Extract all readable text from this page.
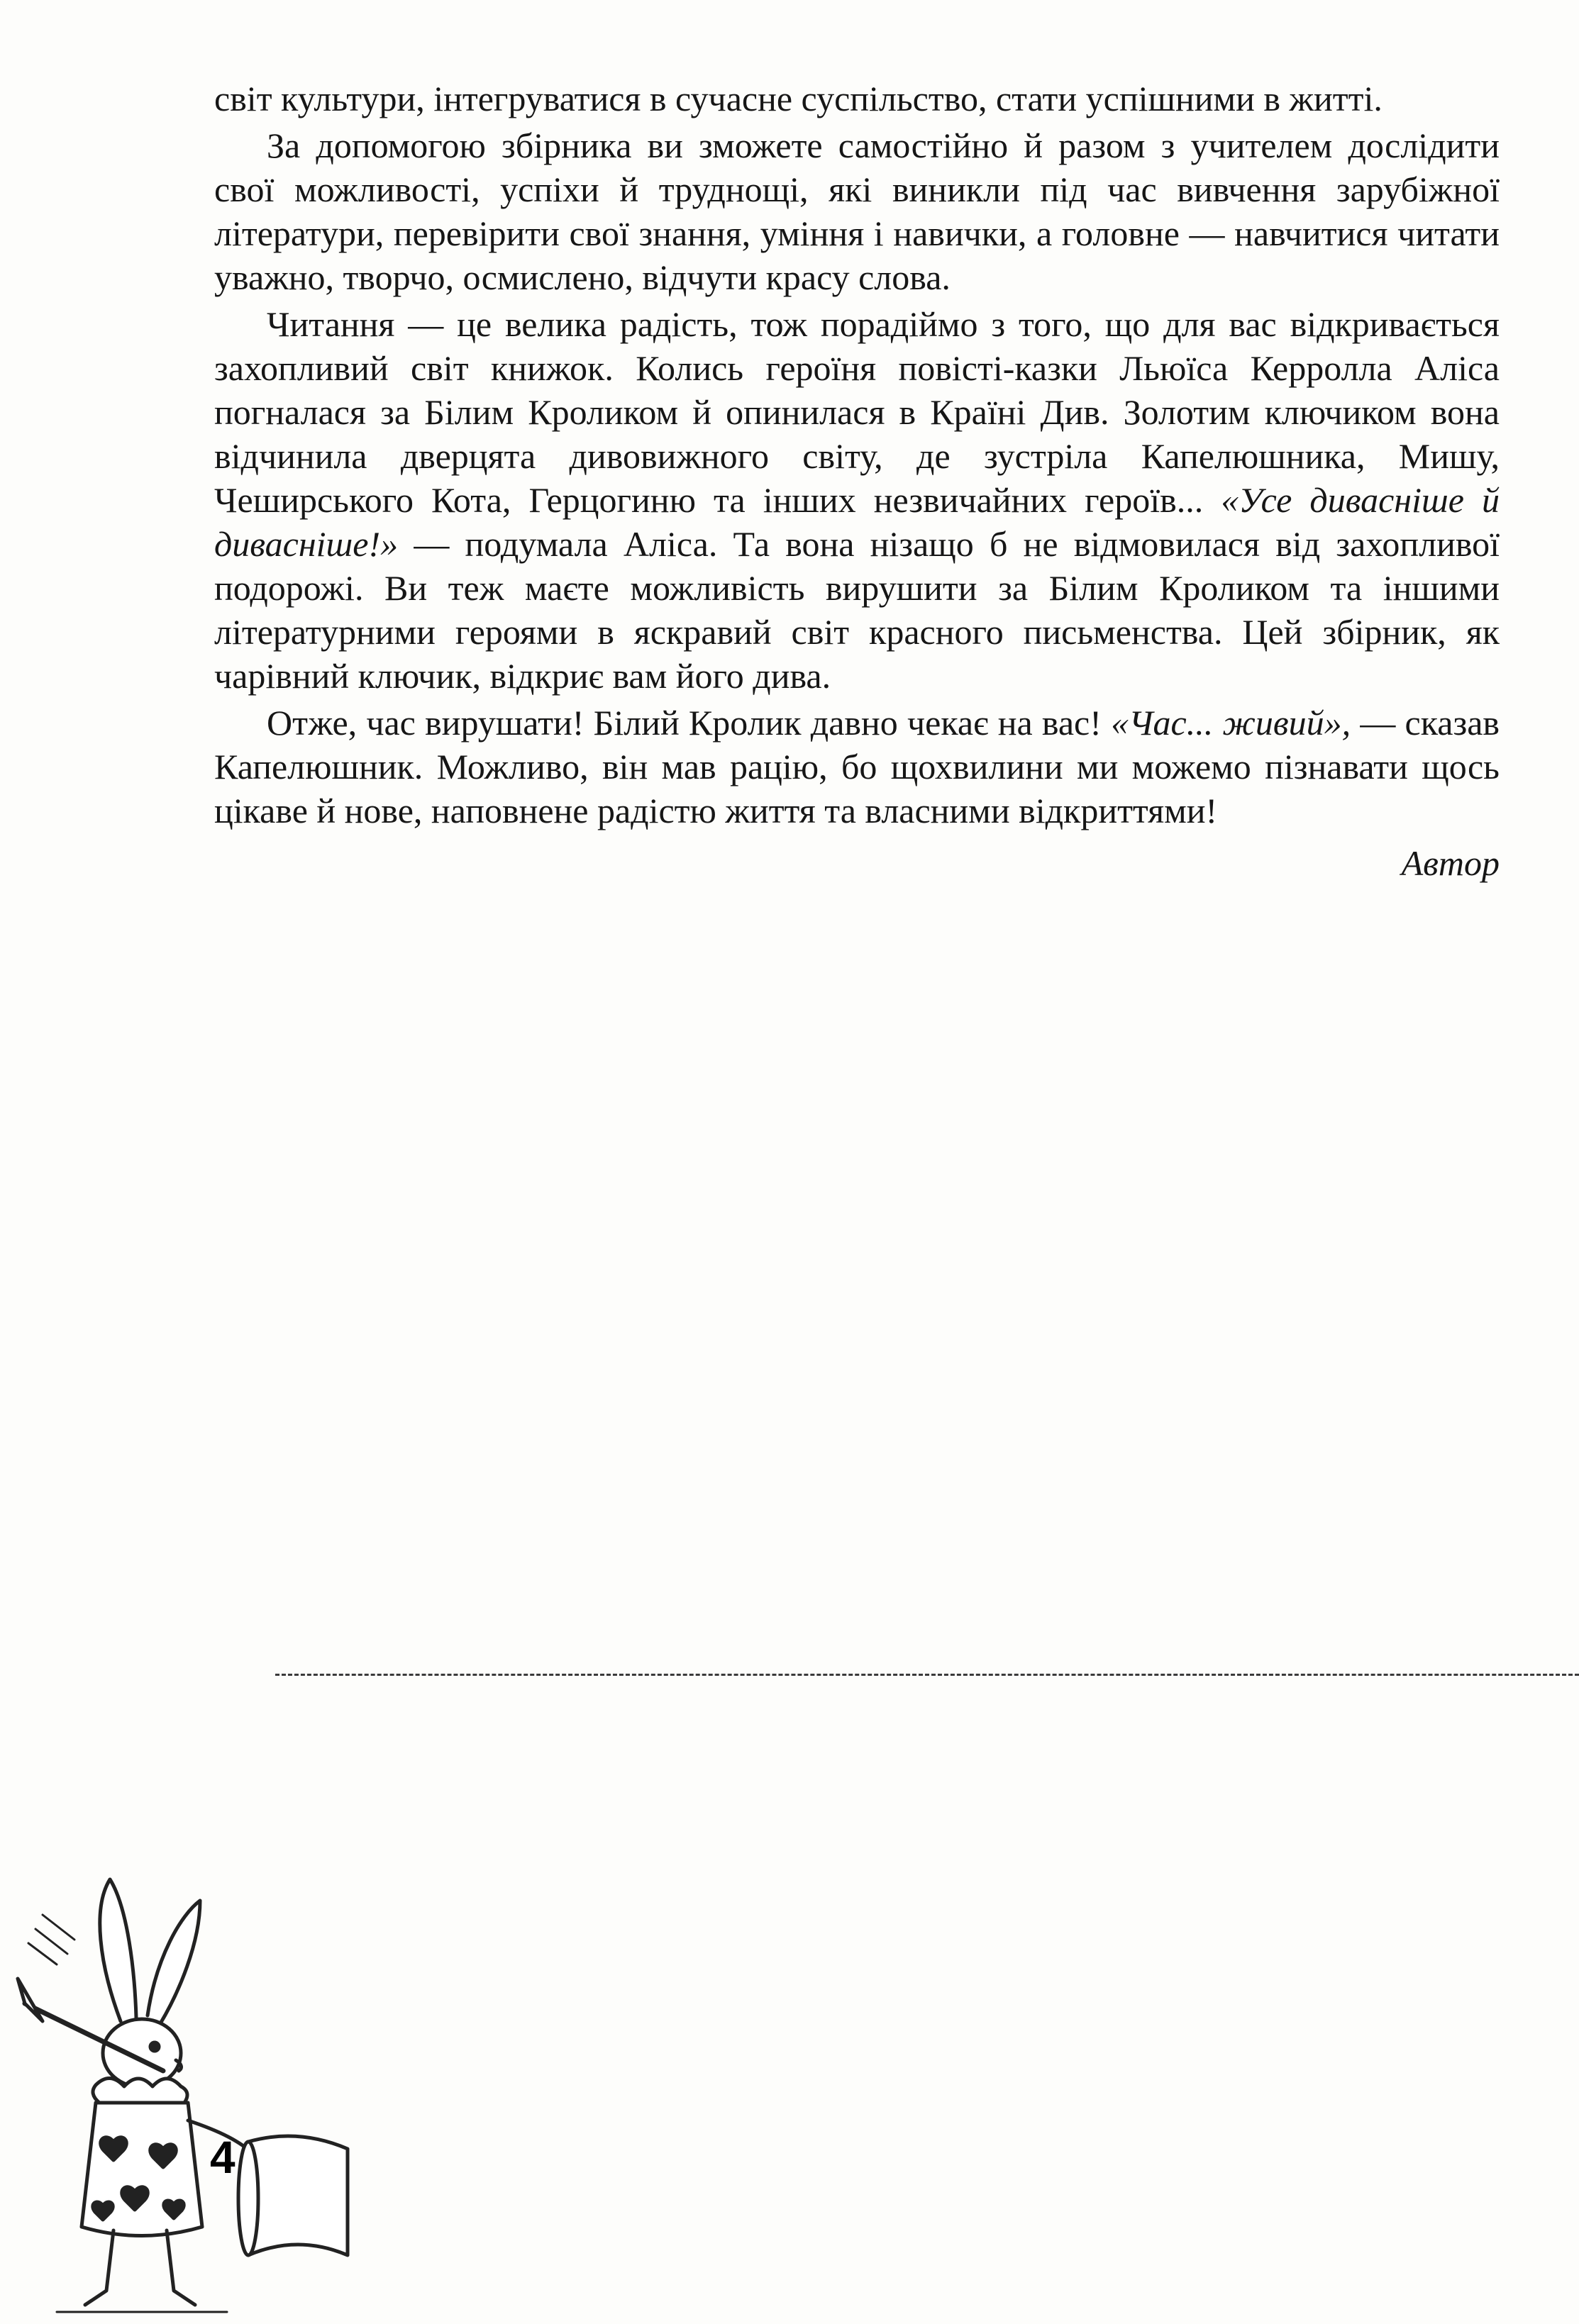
світ культури, інтегруватися в сучасне суспільство, стати успішними в житті.

За допомогою збірника ви зможете самостійно й разом з учителем дослідити свої можливості, успіхи й труднощі, які виникли під час вивчення зарубіжної літератури, перевірити свої знання, уміння і навички, а головне — навчитися читати уважно, творчо, осмислено, відчути красу слова.

Читання — це велика радість, тож порадіймо з того, що для вас відкривається захопливий світ книжок. Колись героїня повісті-казки Льюїса Керролла Аліса погналася за Білим Кроликом й опинилася в Країні Див. Золотим ключиком вона відчинила дверцята дивовижного світу, де зустріла Капелюшника, Мишу, Чеширського Кота, Герцогиню та інших незвичайних героїв... «Усе дивасніше й дивасніше!» — подумала Аліса. Та вона нізащо б не відмовилася від захопливої подорожі. Ви теж маєте можливість вирушити за Білим Кроликом та іншими літературними героями в яскравий світ красного письменства. Цей збірник, як чарівний ключик, відкриє вам його дива.

Отже, час вирушати! Білий Кролик давно чекає на вас! «Час... живий», — сказав Капелюшник. Можливо, він мав рацію, бо щохвилини ми можемо пізнавати щось цікаве й нове, наповнене радістю життя та власними відкриттями!

Автор
4
